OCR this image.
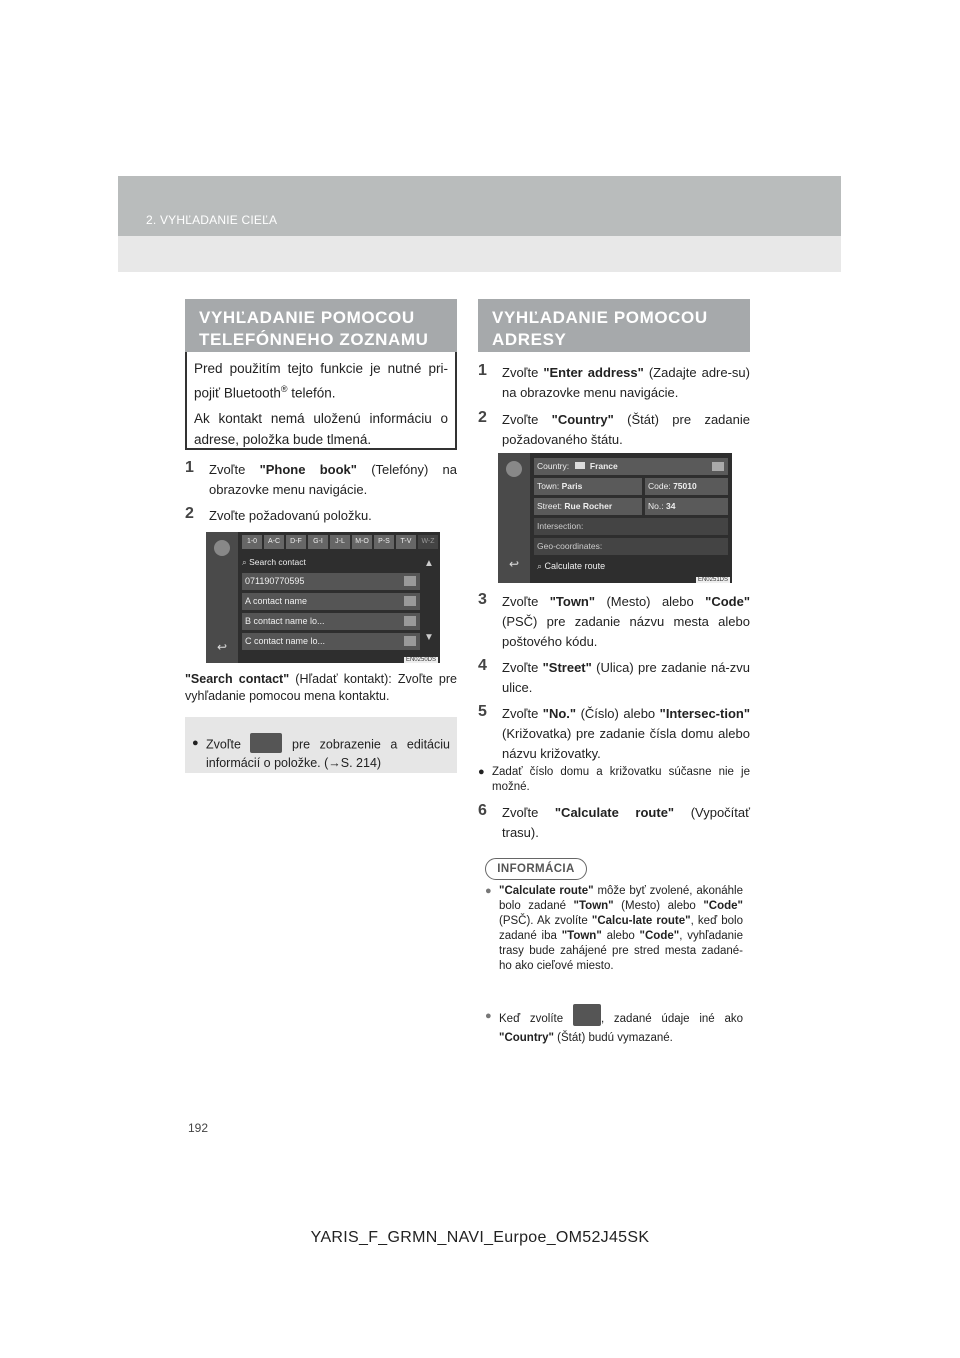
2. VYHĽADANIE CIEĽA
VYHĽADANIE POMOCOU
TELEFÓNNEHO ZOZNAMU

Pred použitím tejto funkcie je nutné pri-pojiť Bluetooth® telefón.

Ak kontakt nemá uloženú informáciu o adrese, položka bude tlmená.

1 Zvoľte "Phone book" (Telefóny) na obrazovke menu navigácie.
2 Zvoľte požadovanú položku.
↩
1-0	A-C	D-F	G-I	J-L	M-O	P-S	T-V	W-Z
⌕ Search contact
071190770595
A contact name
B contact name lo...
C contact name lo...
▲
▼
EN0250DS
"Search contact" (Hľadať kontakt): Zvoľte pre vyhľadanie pomocou mena kontaktu.
● Zvoľte	pre zobrazenie a editáciu informácií o položke. (→S. 214)
VYHĽADANIE POMOCOU
ADRESY
1 Zvoľte "Enter address" (Zadajte adre-su) na obrazovke menu navigácie.
2 Zvoľte "Country" (Štát) pre zadanie požadovaného štátu.
↩
Country: France
Town: Paris	Code: 75010
Street: Rue Rocher	No.: 34
Intersection:
Geo-coordinates:
⌕ Calculate route
EN0251DS
3 Zvoľte "Town" (Mesto) alebo "Code" (PSČ) pre zadanie názvu mesta alebo poštového kódu.
4 Zvoľte "Street" (Ulica) pre zadanie ná-zvu ulice.
5 Zvoľte "No." (Číslo) alebo "Intersec-tion" (Križovatka) pre zadanie čísla domu alebo názvu križovatky.
● Zadať číslo domu a križovatku súčasne nie je možné.
6 Zvoľte "Calculate route" (Vypočítať trasu).
INFORMÁCIA
● "Calculate route" môže byť zvolené, akonáhle bolo zadané "Town" (Mesto) alebo "Code" (PSČ). Ak zvolíte "Calcu-late route", keď bolo zadané iba "Town" alebo "Code", vyhľadanie trasy bude zahájené pre stred mesta zadané-ho ako cieľové miesto.
● Keď zvolíte , zadané údaje iné ako "Country" (Štát) budú vymazané.
192
YARIS_F_GRMN_NAVI_Eurpoe_OM52J45SK
